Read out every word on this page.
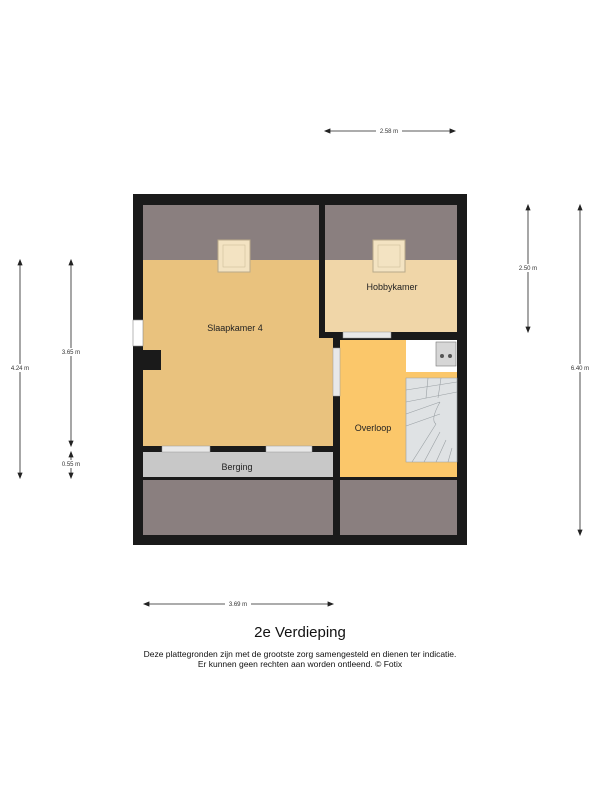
Slaapkamer 4
Hobbykamer
Overloop
Berging
2.58 m
3.69 m
4.24 m
3.65 m
0.55 m
2.50 m
6.40 m
2e Verdieping
Deze plattegronden zijn met de grootste zorg samengesteld en dienen ter indicatie.
Er kunnen geen rechten aan worden ontleend. © Fotix
